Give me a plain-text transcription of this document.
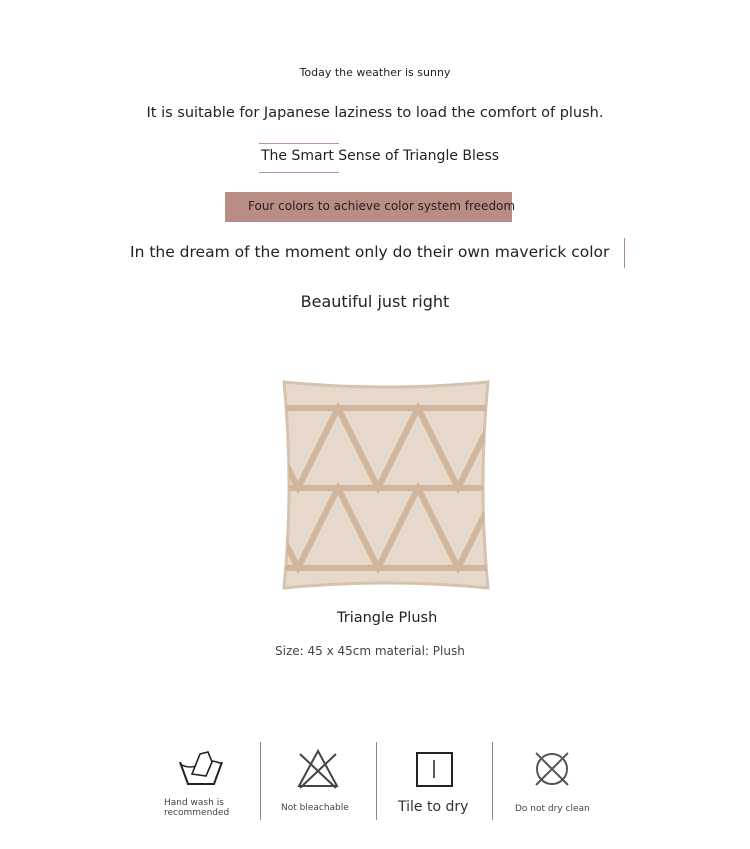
Today the weather is sunny
It is suitable for Japanese laziness to load the comfort of plush.
The Smart Sense of Triangle Bless
Four colors to achieve color system freedom
In the dream of the moment only do their own maverick color
Beautiful just right
Triangle Plush
Size: 45 x 45cm material: Plush
Hand wash is recommended	Not bleachable	Tile to dry	Do not dry clean
